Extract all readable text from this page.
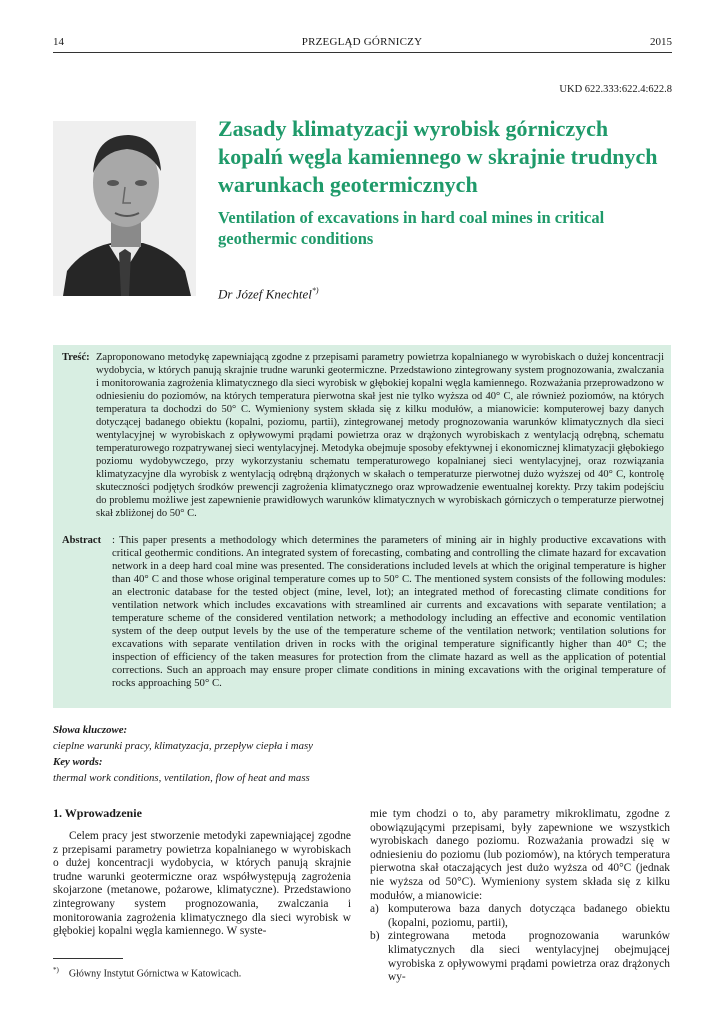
14	PRZEGLĄD GÓRNICZY	2015
UKD 622.333:622.4:622.8
Zasady klimatyzacji wyrobisk górniczych kopalń węgla kamiennego w skrajnie trudnych warunkach geotermicznych
Ventilation of excavations in hard coal mines in critical geothermic conditions
Dr Józef Knechtel*)
Treść: Zaproponowano metodykę zapewniającą zgodne z przepisami parametry powietrza kopalnianego w wyrobiskach o dużej koncentracji wydobycia, w których panują skrajnie trudne warunki geotermiczne. Przedstawiono zintegrowany system prognozowania, zwalczania i monitorowania zagrożenia klimatycznego dla sieci wyrobisk w głębokiej kopalni węgla kamiennego. Rozważania przeprowadzono w odniesieniu do poziomów, na których temperatura pierwotna skał jest nie tylko wyższa od 40° C, ale również poziomów, na których temperatura ta dochodzi do 50° C. Wymieniony system składa się z kilku modułów, a mianowicie: komputerowej bazy danych dotyczącej badanego obiektu (kopalni, poziomu, partii), zintegrowanej metody prognozowania warunków klimatycznych dla sieci wentylacyjnej w wyrobiskach z opływowymi prądami powietrza oraz w drążonych wyrobiskach z wentylacją odrębną, schematu temperaturowego rozpatrywanej sieci wentylacyjnej. Metodyka obejmuje sposoby efektywnej i ekonomicznej klimatyzacji głębokiego poziomu wydobywczego, przy wykorzystaniu schematu temperaturowego kopalnianej sieci wentylacyjnej, oraz rozwiązania klimatyzacyjne dla wyrobisk z wentylacją odrębną drążonych w skałach o temperaturze pierwotnej dużo wyższej od 40° C, kontrolę skuteczności podjętych środków prewencji zagrożenia klimatycznego oraz wprowadzenie ewentualnej korekty. Przy takim podejściu do problemu możliwe jest zapewnienie prawidłowych warunków klimatycznych w wyrobiskach górniczych o temperaturze pierwotnej skał zbliżonej do 50° C.
Abstract : This paper presents a methodology which determines the parameters of mining air in highly productive excavations with critical geothermic conditions. An integrated system of forecasting, combating and controlling the climate hazard for excavation network in a deep hard coal mine was presented. The considerations included levels at which the original temperature is higher than 40° C and those whose original temperature comes up to 50° C. The mentioned system consists of the following modules: an electronic database for the tested object (mine, level, lot); an integrated method of forecasting climate conditions for ventilation network which includes excavations with streamlined air currents and excavations with separate ventilation; a temperature scheme of the considered ventilation network; a methodology including an effective and economic ventilation system of the deep output levels by the use of the temperature scheme of the ventilation network; ventilation solutions for excavations with separate ventilation driven in rocks with the original temperature significantly higher than 40° C; the inspection of efficiency of the taken measures for protection from the climate hazard as well as the application of potential corrections. Such an approach may ensure proper climate conditions in mining excavations with the original temperature of rocks approaching 50° C.
Słowa kluczowe:
cieplne warunki pracy, klimatyzacja, przepływ ciepła i masy
Key words:
thermal work conditions, ventilation, flow of heat and mass
1. Wprowadzenie
Celem pracy jest stworzenie metodyki zapewniającej zgodne z przepisami parametry powietrza kopalnianego w wyrobiskach o dużej koncentracji wydobycia, w których panują skrajnie trudne warunki geotermiczne oraz współwystępują zagrożenia skojarzone (metanowe, pożarowe, klimatyczne). Przedstawiono zintegrowany system prognozowania, zwalczania i monitorowania zagrożenia klimatycznego dla sieci wyrobisk w głębokiej kopalni węgla kamiennego. W syste-

mie tym chodzi o to, aby parametry mikroklimatu, zgodne z obowiązującymi przepisami, były zapewnione we wszystkich wyrobiskach danego poziomu. Rozważania prowadzi się w odniesieniu do poziomu (lub poziomów), na których temperatura pierwotna skał otaczających jest dużo wyższa od 40°C (jednak nie wyższa od 50°C). Wymieniony system składa się z kilku modułów, a mianowicie:

a) komputerowa baza danych dotycząca badanego obiektu (kopalni, poziomu, partii),
b) zintegrowana metoda prognozowania warunków klimatycznych dla sieci wentylacyjnej obejmującej wyrobiska z opływowymi prądami powietrza oraz drążonych wy-
*) Główny Instytut Górnictwa w Katowicach.
